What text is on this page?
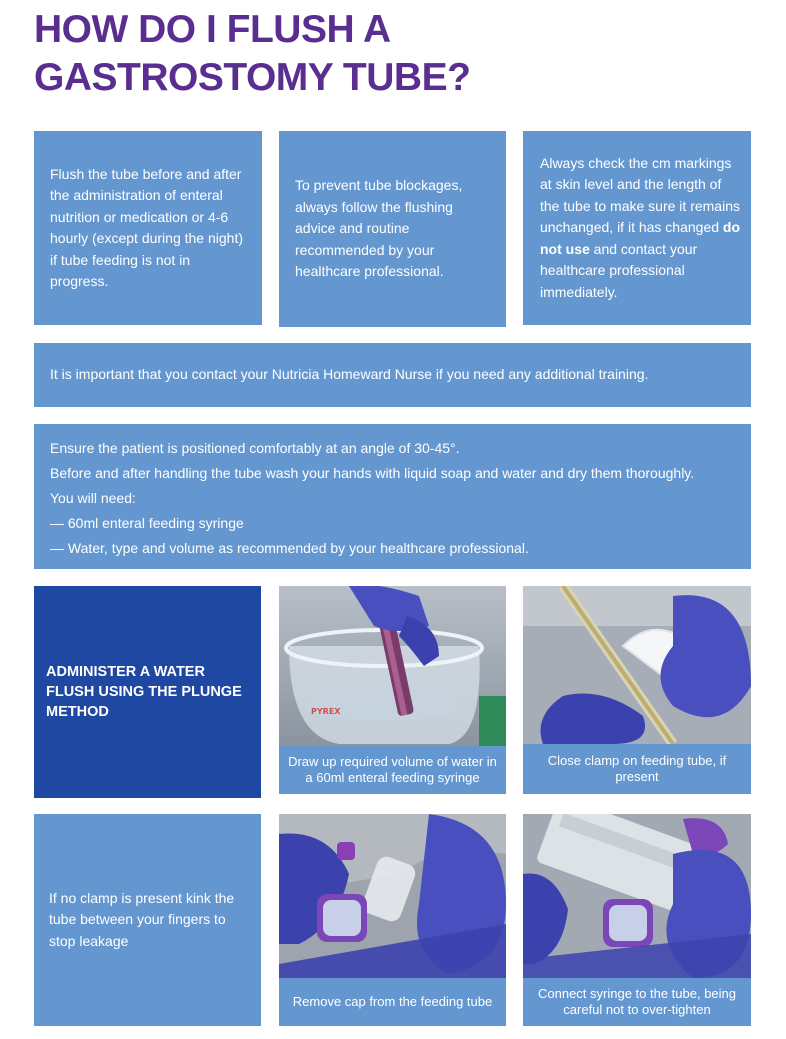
HOW DO I FLUSH A
GASTROSTOMY TUBE?

Flush the tube before and after the administration of enteral nutrition or medication or 4-6 hourly (except during the night) if tube feeding is not in progress.

To prevent tube blockages, always follow the flushing advice and routine recommended by your healthcare professional.

Always check the cm markings at skin level and the length of the tube to make sure it remains unchanged, if it has changed do not use and contact your healthcare professional immediately.

It is important that you contact your Nutricia Homeward Nurse if you need any additional training.

Ensure the patient is positioned comfortably at an angle of 30-45°.

Before and after handling the tube wash your hands with liquid soap and water and dry them thoroughly.

You will need:

— 60ml enteral feeding syringe
— Water, type and volume as recommended by your healthcare professional.

ADMINISTER A WATER FLUSH USING THE PLUNGE METHOD	PYREX
Draw up required volume of water in a 60ml enteral feeding syringe
Close clamp on feeding tube, if present

If no clamp is present kink the tube between your fingers to stop leakage

Remove cap from the feeding tube
Connect syringe to the tube, being careful not to over-tighten
